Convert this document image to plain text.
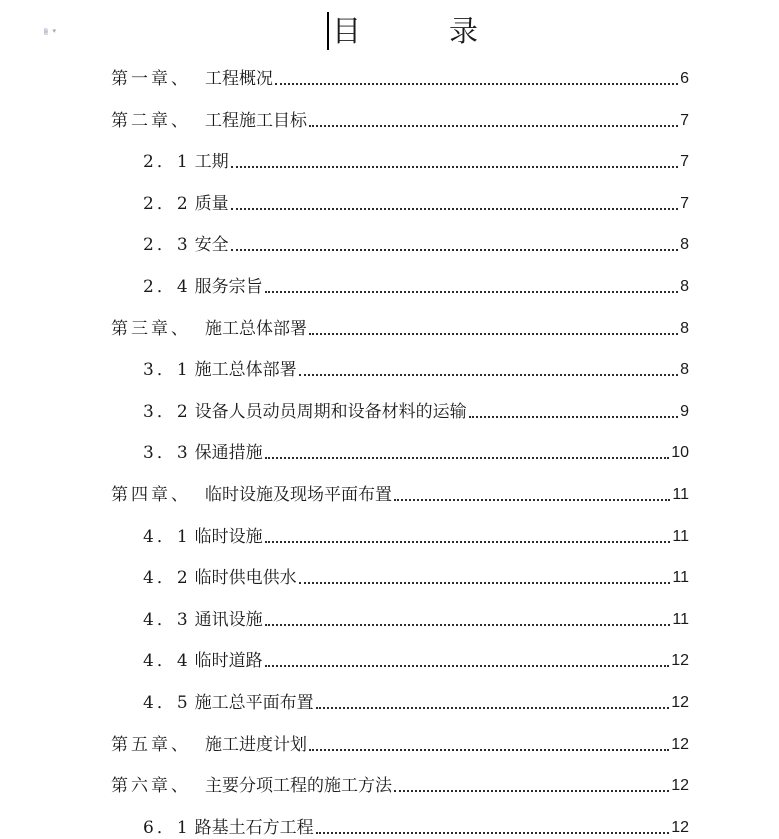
▾	目	录
第一章、 工程概况	6
第二章、 工程施工目标	7
2．1 工期	7
2．2 质量	7
2．3 安全	8
2．4 服务宗旨	8
第三章、 施工总体部署	8
3．1 施工总体部署	8
3．2 设备人员动员周期和设备材料的运输	9
3．3 保通措施	10
第四章、 临时设施及现场平面布置	11
4．1 临时设施	11
4．2 临时供电供水	11
4．3 通讯设施	11
4．4 临时道路	12
4．5 施工总平面布置	12
第五章、 施工进度计划	12
第六章、 主要分项工程的施工方法	12
6．1 路基土石方工程	12
